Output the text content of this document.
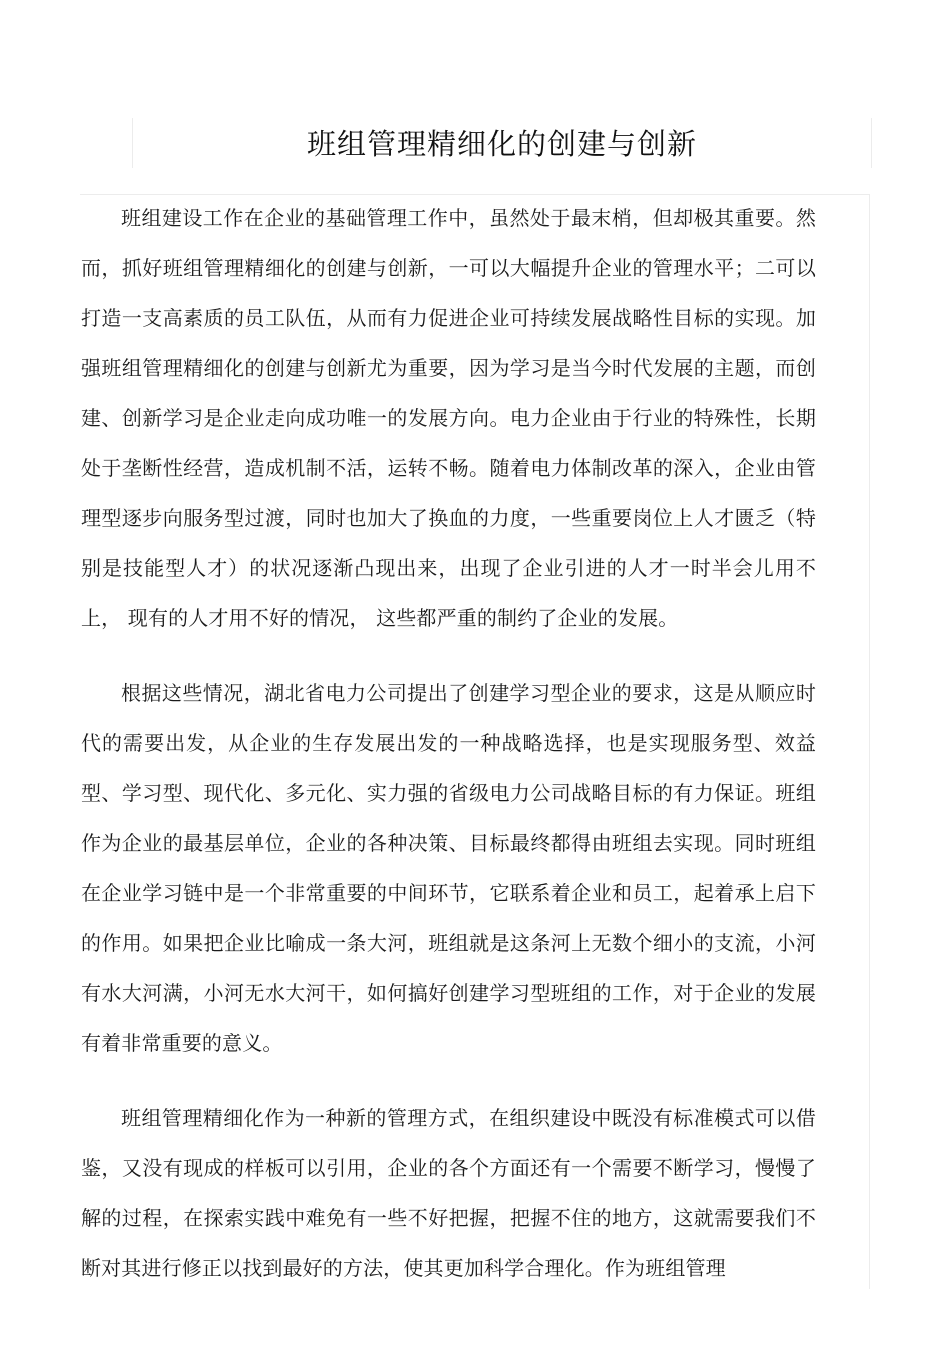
班组管理精细化的创建与创新

班组建设工作在企业的基础管理工作中，虽然处于最末梢，但却极其重要。然而，抓好班组管理精细化的创建与创新，一可以大幅提升企业的管理水平；二可以打造一支高素质的员工队伍，从而有力促进企业可持续发展战略性目标的实现。加强班组管理精细化的创建与创新尤为重要，因为学习是当今时代发展的主题，而创建、创新学习是企业走向成功唯一的发展方向。电力企业由于行业的特殊性，长期处于垄断性经营，造成机制不活，运转不畅。随着电力体制改革的深入，企业由管理型逐步向服务型过渡，同时也加大了换血的力度，一些重要岗位上人才匮乏（特别是技能型人才）的状况逐渐凸现出来，出现了企业引进的人才一时半会儿用不上， 现有的人才用不好的情况， 这些都严重的制约了企业的发展。

根据这些情况，湖北省电力公司提出了创建学习型企业的要求，这是从顺应时代的需要出发，从企业的生存发展出发的一种战略选择，也是实现服务型、效益型、学习型、现代化、多元化、实力强的省级电力公司战略目标的有力保证。班组作为企业的最基层单位，企业的各种决策、目标最终都得由班组去实现。同时班组在企业学习链中是一个非常重要的中间环节，它联系着企业和员工，起着承上启下的作用。如果把企业比喻成一条大河，班组就是这条河上无数个细小的支流，小河有水大河满，小河无水大河干，如何搞好创建学习型班组的工作，对于企业的发展有着非常重要的意义。

班组管理精细化作为一种新的管理方式，在组织建设中既没有标准模式可以借鉴，又没有现成的样板可以引用，企业的各个方面还有一个需要不断学习，慢慢了解的过程，在探索实践中难免有一些不好把握，把握不住的地方，这就需要我们不断对其进行修正以找到最好的方法，使其更加科学合理化。作为班组管理
